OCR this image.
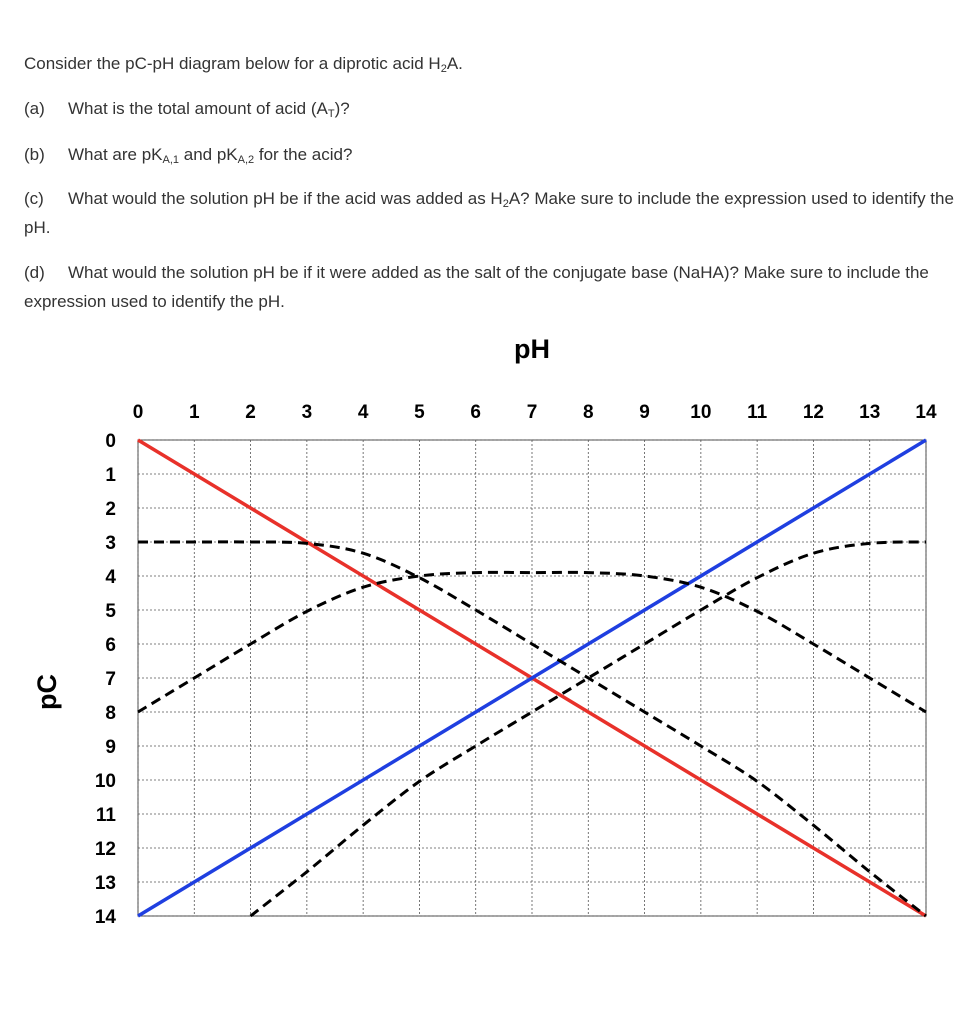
Consider the pC-pH diagram below for a diprotic acid $H_2A$.

(a) What is the total amount of acid $(A_T)$?

(b) What are $pK_{A,1}$ and $pK_{A,2}$ for the acid?

(c) What would the solution pH be if the acid was added as $H_2A$? Make sure to include the expression used to identify the pH.

(d) What would the solution pH be if it were added as the salt of the conjugate base (NaHA)? Make sure to include the expression used to identify the pH.

0 1 2 3 4 5 6 7 8 9 10 11 12 13 14
0
1
2
3
4
5
6
7
8
9
10
11
12
13
14
pH
pC
